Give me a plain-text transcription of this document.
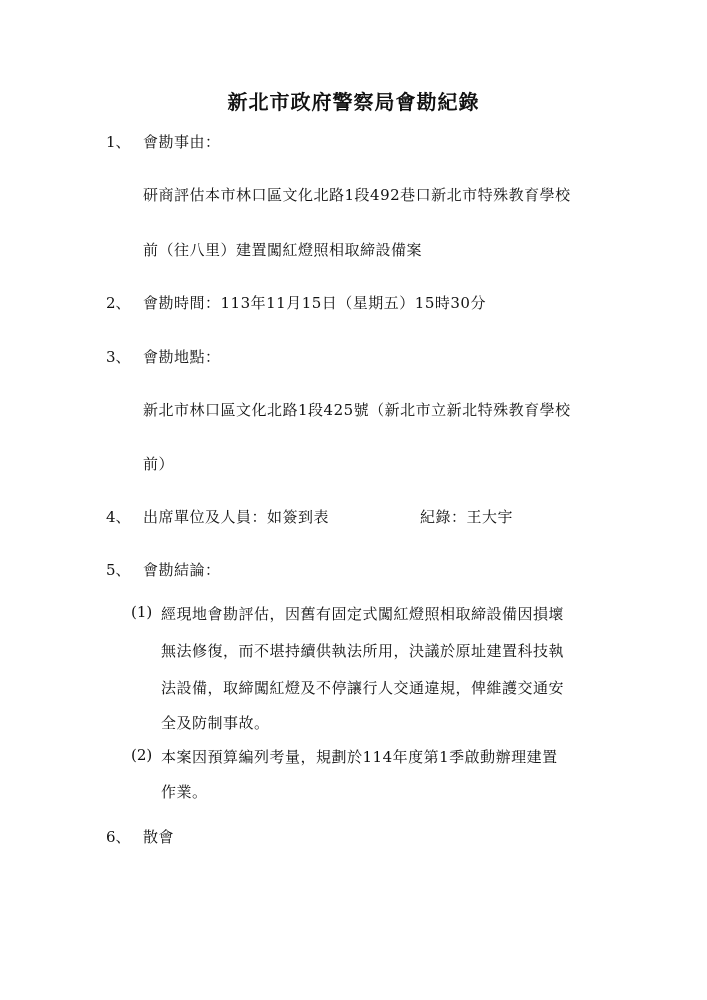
新北市政府警察局會勘紀錄
1、 會勘事由：
研商評估本市林口區文化北路1段492巷口新北市特殊教育學校
前（往八里）建置闖紅燈照相取締設備案
2、 會勘時間：113年11月15日（星期五）15時30分
3、 會勘地點：
新北市林口區文化北路1段425號（新北市立新北特殊教育學校
前）
4、 出席單位及人員：如簽到表	紀錄：王大宇
5、 會勘結論：
(1) 經現地會勘評估，因舊有固定式闖紅燈照相取締設備因損壞
無法修復，而不堪持續供執法所用，決議於原址建置科技執
法設備，取締闖紅燈及不停讓行人交通違規，俾維護交通安
全及防制事故。
(2) 本案因預算編列考量，規劃於114年度第1季啟動辦理建置
作業。
6、 散會
